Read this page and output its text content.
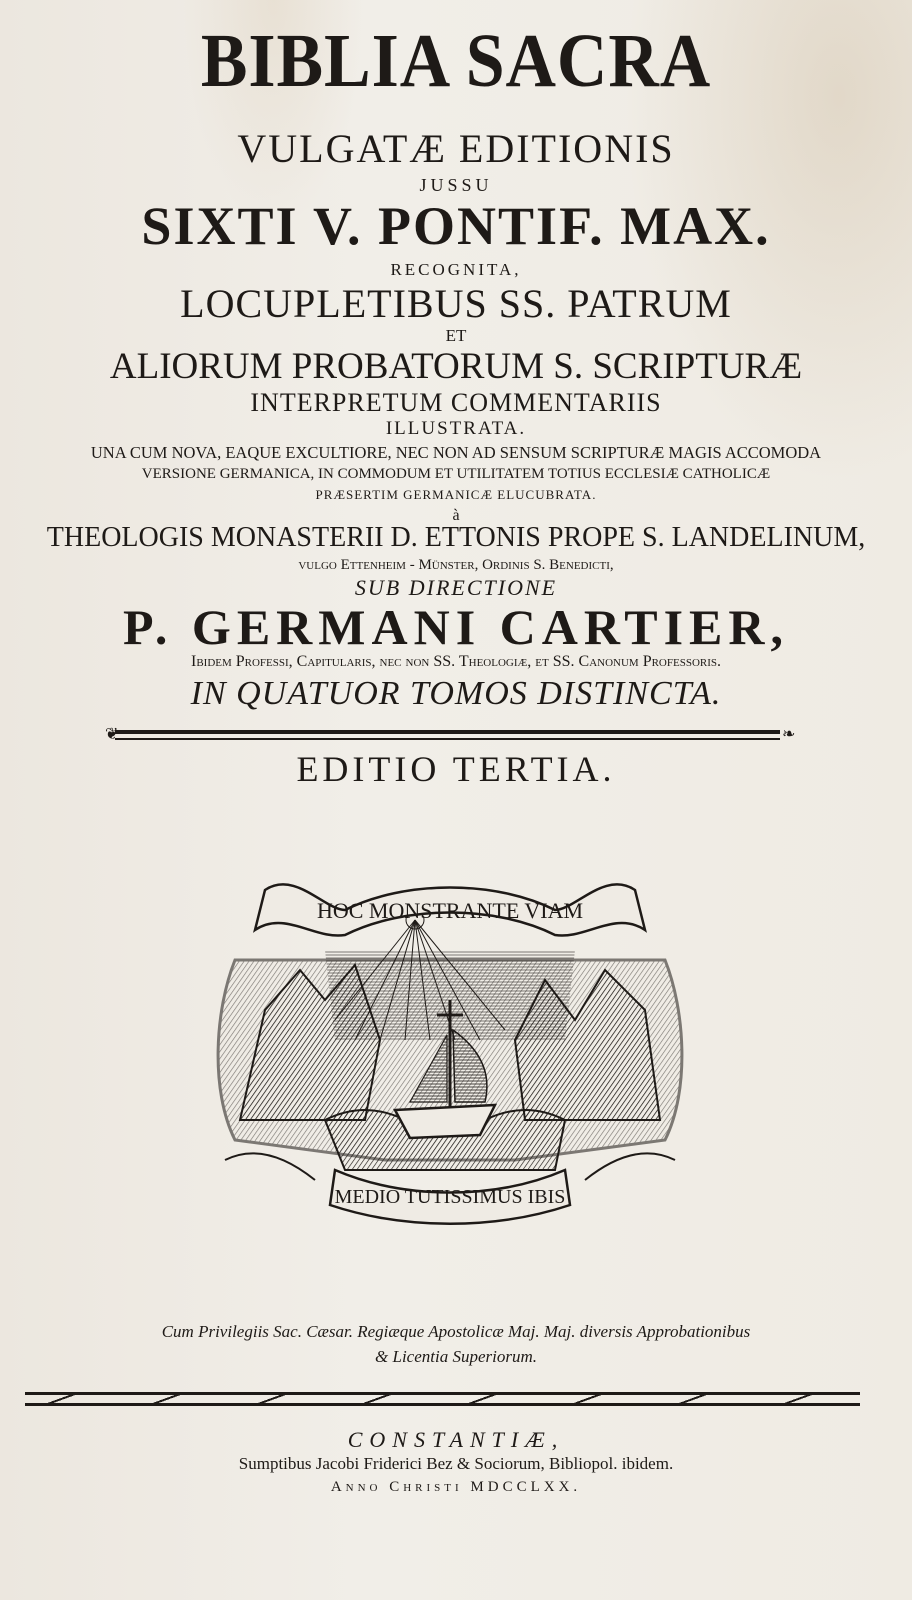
BIBLIA SACRA
VULGATÆ EDITIONIS
JUSSU
SIXTI V. PONTIF. MAX.
RECOGNITA,
LOCUPLETIBUS SS. PATRUM
ET
ALIORUM PROBATORUM S. SCRIPTURÆ
INTERPRETUM COMMENTARIIS
ILLUSTRATA.
UNA CUM NOVA, EAQUE EXCULTIORE, NEC NON AD SENSUM SCRIPTURÆ MAGIS ACCOMODA
VERSIONE GERMANICA, IN COMMODUM ET UTILITATEM TOTIUS ECCLESIÆ CATHOLICÆ
PRÆSERTIM GERMANICÆ ELUCUBRATA.
à
THEOLOGIS MONASTERII D. ETTONIS PROPE S. LANDELINUM,
vulgo Ettenheim - Münster, Ordinis S. Benedicti,
SUB DIRECTIONE
P. GERMANI CARTIER,
Ibidem Professi, Capitularis, nec non SS. Theologiæ, et SS. Canonum Professoris.
IN QUATUOR TOMOS DISTINCTA.
❦	❧
EDITIO TERTIA.
HOC MONSTRANTE VIAM
MEDIO TUTISSIMUS IBIS
Cum Privilegiis Sac. Cæsar. Regiæque Apostolicæ Maj. Maj. diversis Approbationibus
& Licentia Superiorum.
CONSTANTIÆ,
Sumptibus Jacobi Friderici Bez & Sociorum, Bibliopol. ibidem.
Anno Christi MDCCLXX.
